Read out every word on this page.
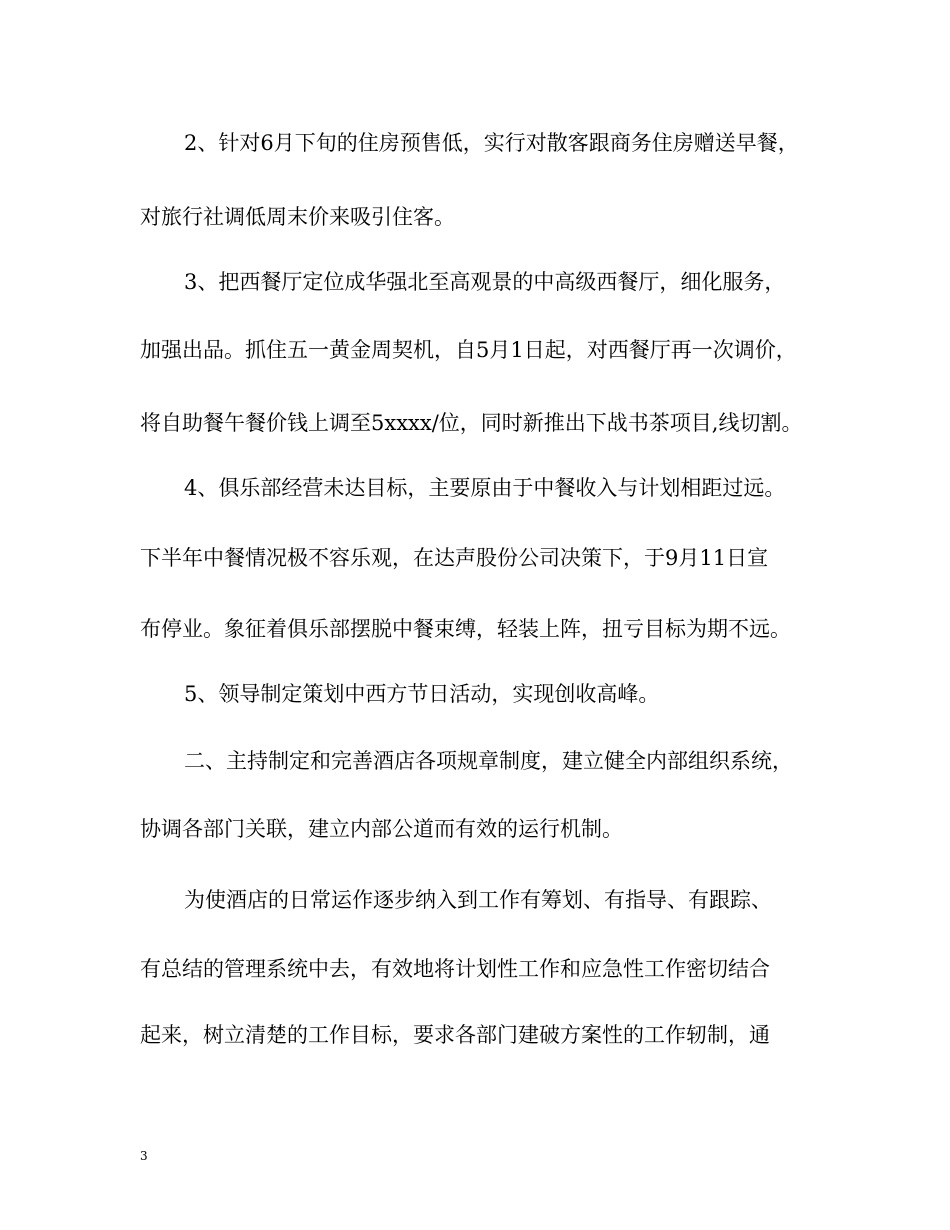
2、针对6月下旬的住房预售低，实行对散客跟商务住房赠送早餐，
对旅行社调低周末价来吸引住客。
3、把西餐厅定位成华强北至高观景的中高级西餐厅，细化服务，
加强出品。抓住五一黄金周契机，自5月1日起，对西餐厅再一次调价，
将自助餐午餐价钱上调至5xxxx/位，同时新推出下战书茶项目,线切割。
4、俱乐部经营未达目标，主要原由于中餐收入与计划相距过远。
下半年中餐情况极不容乐观，在达声股份公司决策下，于9月11日宣
布停业。象征着俱乐部摆脱中餐束缚，轻装上阵，扭亏目标为期不远。
5、领导制定策划中西方节日活动，实现创收高峰。
二、主持制定和完善酒店各项规章制度，建立健全内部组织系统，
协调各部门关联，建立内部公道而有效的运行机制。
为使酒店的日常运作逐步纳入到工作有筹划、有指导、有跟踪、
有总结的管理系统中去，有效地将计划性工作和应急性工作密切结合
起来，树立清楚的工作目标，要求各部门建破方案性的工作轫制，通
3
